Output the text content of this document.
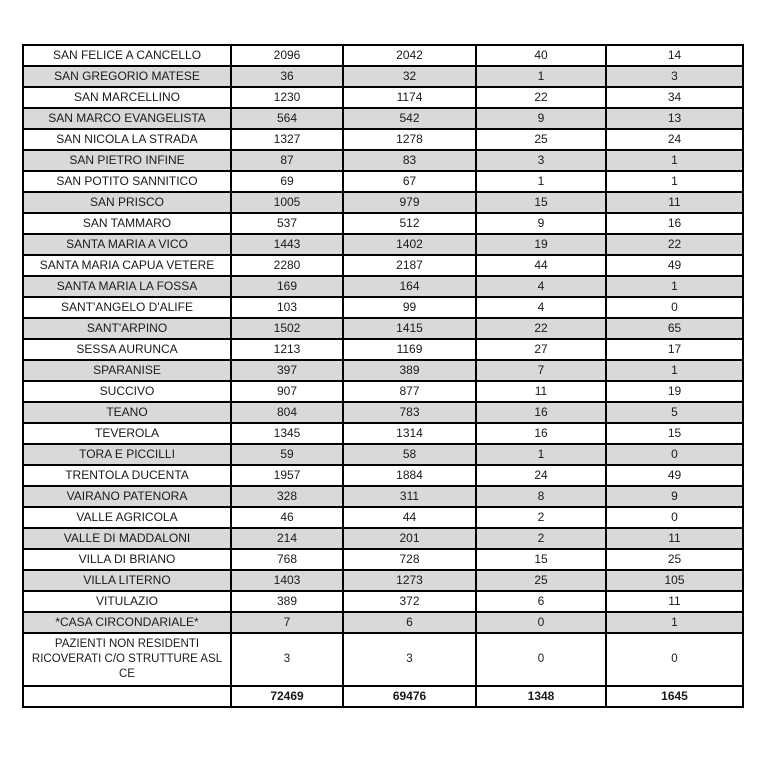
SAN FELICE A CANCELLO	2096	2042	40	14
SAN GREGORIO MATESE	36	32	1	3
SAN MARCELLINO	1230	1174	22	34
SAN MARCO EVANGELISTA	564	542	9	13
SAN NICOLA LA STRADA	1327	1278	25	24
SAN PIETRO INFINE	87	83	3	1
SAN POTITO SANNITICO	69	67	1	1
SAN PRISCO	1005	979	15	11
SAN TAMMARO	537	512	9	16
SANTA MARIA A VICO	1443	1402	19	22
SANTA MARIA CAPUA VETERE	2280	2187	44	49
SANTA MARIA LA FOSSA	169	164	4	1
SANT'ANGELO D'ALIFE	103	99	4	0
SANT'ARPINO	1502	1415	22	65
SESSA AURUNCA	1213	1169	27	17
SPARANISE	397	389	7	1
SUCCIVO	907	877	11	19
TEANO	804	783	16	5
TEVEROLA	1345	1314	16	15
TORA E PICCILLI	59	58	1	0
TRENTOLA DUCENTA	1957	1884	24	49
VAIRANO PATENORA	328	311	8	9
VALLE AGRICOLA	46	44	2	0
VALLE DI MADDALONI	214	201	2	11
VILLA DI BRIANO	768	728	15	25
VILLA LITERNO	1403	1273	25	105
VITULAZIO	389	372	6	11
*CASA CIRCONDARIALE*	7	6	0	1
PAZIENTI NON RESIDENTI RICOVERATI C/O STRUTTURE ASL CE	3	3	0	0
	72469	69476	1348	1645
